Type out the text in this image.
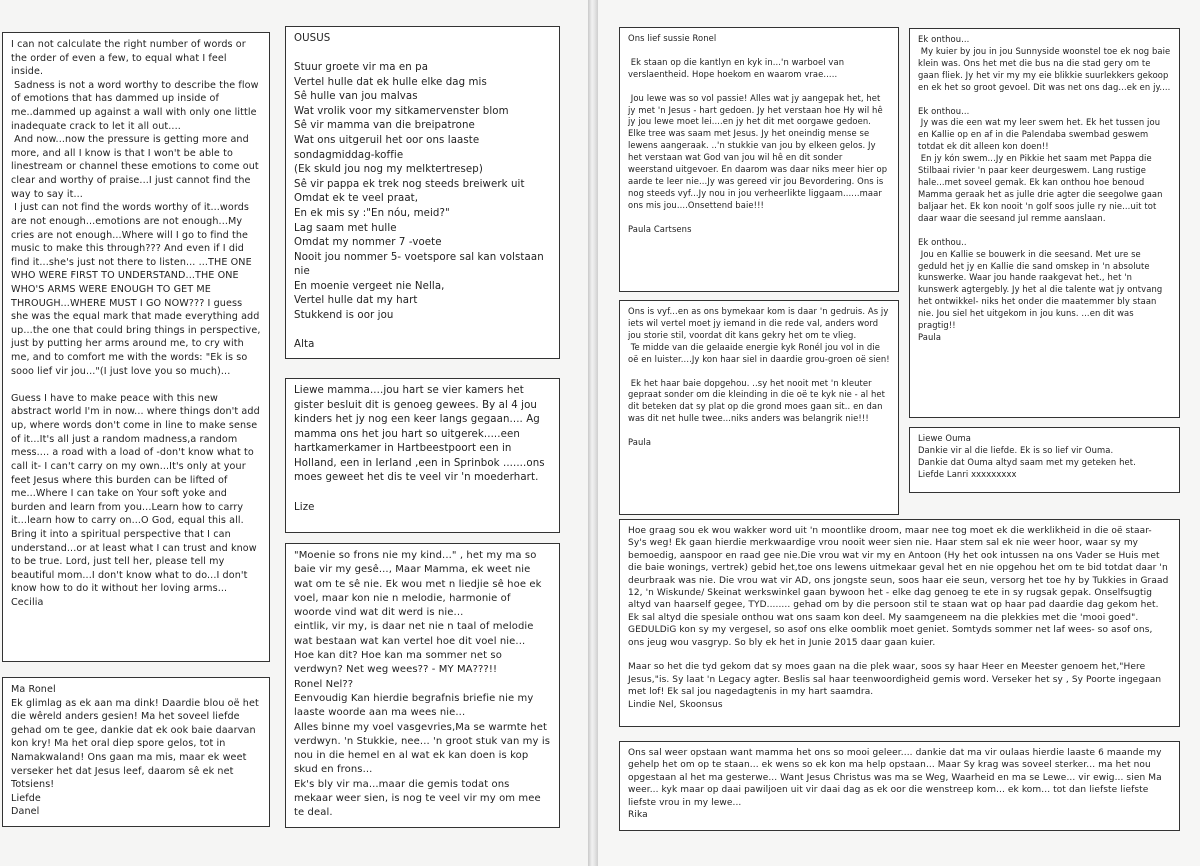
I can not calculate the right number of words or the order of even a few, to equal what I feel inside.
Sadness is not a word worthy to describe the flow of emotions that has dammed up inside of me..dammed up against a wall with only one little inadequate crack to let it all out....
And now...now the pressure is getting more and more, and all I know is that I won't be able to linestream or channel these emotions to come out clear and worthy of praise...I just cannot find the way to say it...
I just can not find the words worthy of it...words are not enough...emotions are not enough...My cries are not enough...Where will I go to find the music to make this through??? And even if I did find it...she's just not there to listen... ...THE ONE WHO WERE FIRST TO UNDERSTAND...THE ONE WHO'S ARMS WERE ENOUGH TO GET ME THROUGH...WHERE MUST I GO NOW??? I guess she was the equal mark that made everything add up...the one that could bring things in perspective, just by putting her arms around me, to cry with me, and to comfort me with the words: "Ek is so sooo lief vir jou..."(I just love you so much)...

Guess I have to make peace with this new abstract world I'm in now... where things don't add up, where words don't come in line to make sense of it...It's all just a random madness,a random mess.... a road with a load of -don't know what to call it- I can't carry on my own...It's only at your feet Jesus where this burden can be lifted of me...Where I can take on Your soft yoke and burden and learn from you...Learn how to carry it...learn how to carry on...O God, equal this all. Bring it into a spiritual perspective that I can understand...or at least what I can trust and know to be true. Lord, just tell her, please tell my beautiful mom...I don't know what to do...I don't know how to do it without her loving arms...
Cecilia
Ma Ronel
Ek glimlag as ek aan ma dink! Daardie blou oë het die wêreld anders gesien! Ma het soveel liefde gehad om te gee, dankie dat ek ook baie daarvan kon kry! Ma het oral diep spore gelos, tot in Namakwaland! Ons gaan ma mis, maar ek weet verseker het dat Jesus leef, daarom sê ek net Totsiens!
Liefde
Danel
OUSUS

Stuur groete vir ma en pa
Vertel hulle dat ek hulle elke dag mis
Sê hulle van jou malvas
Wat vrolik voor my sitkamervenster blom
Sê vir mamma van die breipatrone
Wat ons uitgeruil het oor ons laaste sondagmiddag-koffie
(Ek skuld jou nog my melktertresep)
Sê vir pappa ek trek nog steeds breiwerk uit
Omdat ek te veel praat,
En ek mis sy :"En nóu, meid?"
Lag saam met hulle
Omdat my nommer 7 -voete
Nooit jou nommer 5- voetspore sal kan volstaan nie
En moenie vergeet nie Nella,
Vertel hulle dat my hart
Stukkend is oor jou

Alta
Liewe mamma....jou hart se vier kamers het gister besluit dit is genoeg gewees. By al 4 jou kinders het jy nog een keer langs gegaan.... Ag mamma ons het jou hart so uitgerek.....een hartkamerkamer in Hartbeestpoort een in Holland, een in Ierland ,een in Sprinbok .......ons moes geweet het dis te veel vir 'n moederhart.

Lize
"Moenie so frons nie my kind..." , het my ma so baie vir my gesê..., Maar Mamma, ek weet nie wat om te sê nie. Ek wou met n liedjie sê hoe ek voel, maar kon nie n melodie, harmonie of woorde vind wat dit werd is nie...
eintlik, vir my, is daar net nie n taal of melodie wat bestaan wat kan vertel hoe dit voel nie...
Hoe kan dit? Hoe kan ma sommer net so verdwyn? Net weg wees?? - MY MA???!!
Ronel Nel??
Eenvoudig Kan hierdie begrafnis briefie nie my laaste woorde aan ma wees nie...
Alles binne my voel vasgevries,Ma se warmte het verdwyn. 'n Stukkie, nee... 'n groot stuk van my is nou in die hemel en al wat ek kan doen is kop skud en frons...
Ek's bly vir ma...maar die gemis todat ons mekaar weer sien, is nog te veel vir my om mee te deal.
Ons lief sussie Ronel

Ek staan op die kantlyn en kyk in...'n warboel van verslaentheid. Hope hoekom en waarom vrae.....

Jou lewe was so vol passie! Alles wat jy aangepak het, het jy met 'n Jesus - hart gedoen. Jy het verstaan hoe Hy wil hê jy jou lewe moet lei....en jy het dit met oorgawe gedoen. Elke tree was saam met Jesus. Jy het oneindig mense se lewens aangeraak. ..'n stukkie van jou by elkeen gelos. Jy het verstaan wat God van jou wil hê en dit sonder weerstand uitgevoer. En daarom was daar niks meer hier op aarde te leer nie...Jy was gereed vir jou Bevordering. Ons is nog steeds vyf...Jy nou in jou verheerlikte liggaam......maar ons mis jou....Onsettend baie!!!

Paula Cartsens
Ons is vyf...en as ons bymekaar kom is daar 'n gedruis. As jy iets wil vertel moet jy iemand in die rede val, anders word jou storie stil, voordat dit kans gekry het om te vlieg.
Te midde van die gelaaide energie kyk Ronél jou vol in die oë en luister....Jy kon haar siel in daardie grou-groen oë sien!

Ek het haar baie dopgehou. ..sy het nooit met 'n kleuter gepraat sonder om die kleinding in die oë te kyk nie - al het dit beteken dat sy plat op die grond moes gaan sit.. en dan was dit net hulle twee...niks anders was belangrik nie!!!

Paula
Ek onthou...
My kuier by jou in jou Sunnyside woonstel toe ek nog baie klein was. Ons het met die bus na die stad gery om te gaan fliek. Jy het vir my my eie blikkie suurlekkers gekoop en ek het so groot gevoel. Dit was net ons dag...ek en jy....

Ek onthou...
Jy was die een wat my leer swem het. Ek het tussen jou en Kallie op en af in die Palendaba swembad geswem totdat ek dit alleen kon doen!!
En jy kón swem...Jy en Pikkie het saam met Pappa die Stilbaai rivier 'n paar keer deurgeswem. Lang rustige hale...met soveel gemak. Ek kan onthou hoe benoud Mamma geraak het as julle drie agter die seegolwe gaan baljaar het. Ek kon nooit 'n golf soos julle ry nie...uit tot daar waar die seesand jul remme aanslaan.

Ek onthou..
Jou en Kallie se bouwerk in die seesand. Met ure se geduld het jy en Kallie die sand omskep in 'n absolute kunswerke. Waar jou hande raakgevat het., het 'n kunswerk agtergebly. Jy het al die talente wat jy ontvang het ontwikkel- niks het onder die maatemmer bly staan nie. Jou siel het uitgekom in jou kuns. ...en dit was pragtig!!
Paula
Liewe Ouma
Dankie vir al die liefde. Ek is so lief vir Ouma.
Dankie dat Ouma altyd saam met my geteken het.
Liefde Lanri xxxxxxxxx
Hoe graag sou ek wou wakker word uit 'n moontlike droom, maar nee tog moet ek die werklikheid in die oë staar- Sy's weg! Ek gaan hierdie merkwaardige vrou nooit weer sien nie. Haar stem sal ek nie weer hoor, waar sy my bemoedig, aanspoor en raad gee nie.Die vrou wat vir my en Antoon (Hy het ook intussen na ons Vader se Huis met die baie wonings, vertrek) gebid het,toe ons lewens uitmekaar geval het en nie opgehou het om te bid totdat daar 'n deurbraak was nie. Die vrou wat vir AD, ons jongste seun, soos haar eie seun, versorg het toe hy by Tukkies in Graad 12, 'n Wiskunde/ Skeinat werkswinkel gaan bywoon het - elke dag genoeg te ete in sy rugsak gepak. Onselfsugtig altyd van haarself gegee, TYD........ gehad om by die persoon stil te staan wat op haar pad daardie dag gekom het. Ek sal altyd die spesiale onthou wat ons saam kon deel. My saamgeneem na die plekkies met die 'mooi goed". GEDULDiG kon sy my vergesel, so asof ons elke oomblik moet geniet. Somtyds sommer net laf wees- so asof ons, ons jeug wou vasgryp. So bly ek het in Junie 2015 daar gaan kuier.

Maar so het die tyd gekom dat sy moes gaan na die plek waar, soos sy haar Heer en Meester genoem het,"Here Jesus,"is. Sy laat 'n Legacy agter. Beslis sal haar teenwoordigheid gemis word. Verseker het sy , Sy Poorte ingegaan met lof! Ek sal jou nagedagtenis in my hart saamdra.
Lindie Nel, Skoonsus
Ons sal weer opstaan want mamma het ons so mooi geleer.... dankie dat ma vir oulaas hierdie laaste 6 maande my gehelp het om op te staan... ek wens so ek kon ma help opstaan... Maar Sy krag was soveel sterker... ma het nou opgestaan al het ma gesterwe... Want Jesus Christus was ma se Weg, Waarheid en ma se Lewe... vir ewig... sien Ma weer... kyk maar op daai pawiljoen uit vir daai dag as ek oor die wenstreep kom... ek kom... tot dan liefste liefste liefste vrou in my lewe...
Rika
